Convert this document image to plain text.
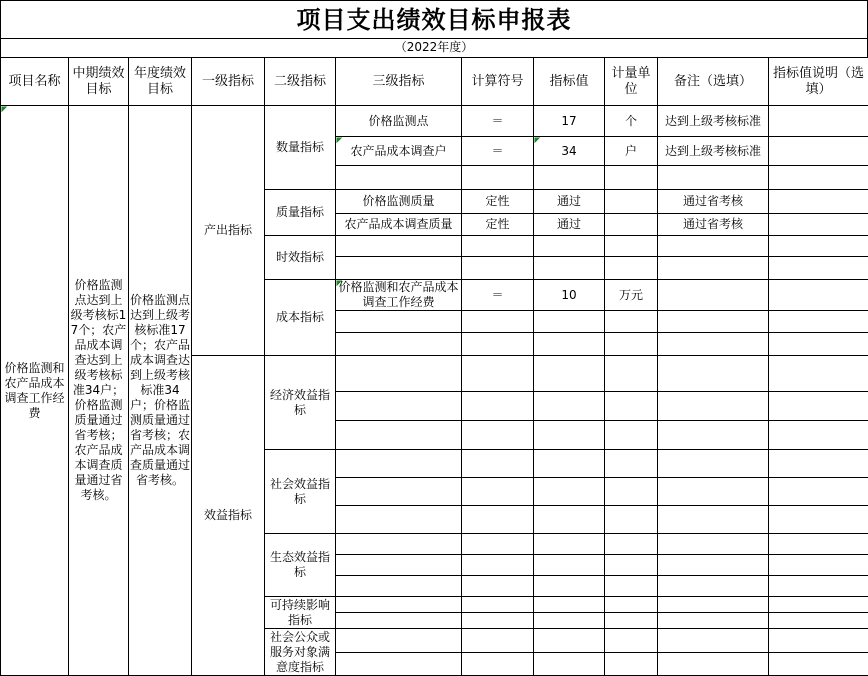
项目支出绩效目标申报表
（2022年度）
项目名称	中期绩效目标	年度绩效目标	一级指标	二级指标	三级指标	计算符号	指标值	计量单位	备注（选填）	指标值说明（选填）
价格监测和农产品成本调查工作经费	价格监测点达到上级考核标17个；农产品成本调查达到上级考核标准34户；价格监测质量通过省考核；农产品成本调查质量通过省考核。	价格监测点达到上级考核标准17个；农产品成本调查达到上级考核标准34户；价格监测质量通过省考核；农产品成本调查质量通过省考核。	产出指标	数量指标	价格监测点	＝	17	个	达到上级考核标准	
					农产品成本调查户	＝	34	户	达到上级考核标准	

				质量指标	价格监测质量	定性	通过		通过省考核	
					农产品成本调查质量	定性	通过		通过省考核	
				时效指标						

				成本指标	价格监测和农产品成本调查工作经费	＝	10	万元		

			效益指标	经济效益指标						

				社会效益指标						

				生态效益指标						

				可持续影响指标						

				社会公众或服务对象满意度指标						
